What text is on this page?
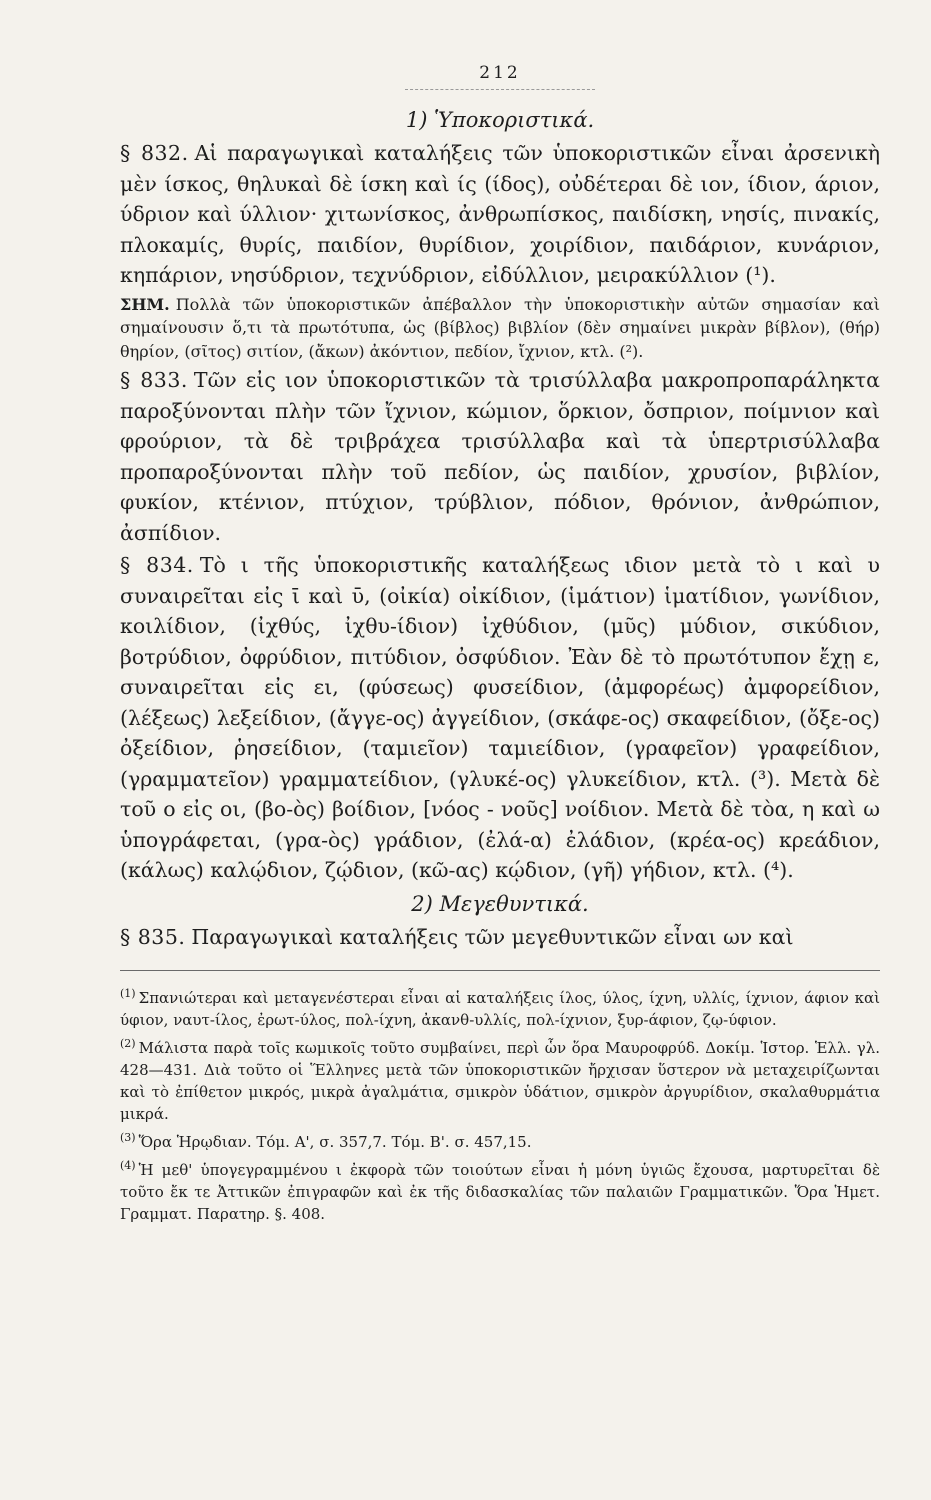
212
1) Ὑποκοριστικά.

§ 832. Αἱ παραγωγικαὶ καταλήξεις τῶν ὑποκοριστικῶν εἶναι ἀρσενικὴ μὲν ίσκος, θηλυκαὶ δὲ ίσκη καὶ ίς (ίδος), οὐδέτεραι δὲ ιον, ίδιον, άριον, ύδριον καὶ ύλλιον· χιτωνίσκος, ἀνθρωπίσκος, παιδίσκη, νησίς, πινακίς, πλοκαμίς, θυρίς, παιδίον, θυρίδιον, χοιρίδιον, παιδάριον, κυνάριον, κηπάριον, νησύδριον, τεχνύδριον, εἰδύλλιον, μειρακύλλιον (¹).

ΣΗΜ. Πολλὰ τῶν ὑποκοριστικῶν ἀπέβαλλον τὴν ὑποκοριστικὴν αὐτῶν σημασίαν καὶ σημαίνουσιν ὅ,τι τὰ πρωτότυπα, ὡς (βίβλος) βιβλίον (δὲν σημαίνει μικρὰν βίβλον), (θήρ) θηρίον, (σῖτος) σιτίον, (ἄκων) ἀκόντιον, πεδίον, ἴχνιον, κτλ. (²).

§ 833. Τῶν εἰς ιον ὑποκοριστικῶν τὰ τρισύλλαβα μακροπροπαράληκτα παροξύνονται πλὴν τῶν ἴχνιον, κώμιον, ὅρκιον, ὄσπριον, ποίμνιον καὶ φρούριον, τὰ δὲ τριβράχεα τρισύλλαβα καὶ τὰ ὑπερτρισύλλαβα προπαροξύνονται πλὴν τοῦ πεδίον, ὡς παιδίον, χρυσίον, βιβλίον, φυκίον, κτένιον, πτύχιον, τρύβλιον, πόδιον, θρόνιον, ἀνθρώπιον, ἀσπίδιον.

§ 834. Τὸ ι τῆς ὑποκοριστικῆς καταλήξεως ιδιον μετὰ τὸ ι καὶ υ συναιρεῖται εἰς ῑ καὶ ῡ, (οἰκία) οἰκίδιον, (ἱμάτιον) ἱματίδιον, γωνίδιον, κοιλίδιον, (ἰχθύς, ἰχθυ-ίδιον) ἰχθύδιον, (μῦς) μύδιον, σικύδιον, βοτρύδιον, ὀφρύδιον, πιτύδιον, ὀσφύδιον. Ἐὰν δὲ τὸ πρωτότυπον ἔχῃ ε, συναιρεῖται εἰς ει, (φύσεως) φυσείδιον, (ἀμφορέως) ἀμφορείδιον, (λέξεως) λεξείδιον, (ἄγγε-ος) ἀγγείδιον, (σκάφε-ος) σκαφείδιον, (ὄξε-ος) ὀξείδιον, ῥησείδιον, (ταμιεῖον) ταμιείδιον, (γραφεῖον) γραφείδιον, (γραμματεῖον) γραμματείδιον, (γλυκέ-ος) γλυκείδιον, κτλ. (³). Μετὰ δὲ τοῦ ο εἰς οι, (βο-ὸς) βοίδιον, [νόος - νοῦς] νοίδιον. Μετὰ δὲ τὸα, η καὶ ω ὑπογράφεται, (γρα-ὸς) γράδιον, (ἐλά-α) ἐλάδιον, (κρέα-ος) κρεάδιον, (κάλως) καλῴδιον, ζῴδιον, (κῶ-ας) κῴδιον, (γῆ) γήδιον, κτλ. (⁴).

2) Μεγεθυντικά.

§ 835. Παραγωγικαὶ καταλήξεις τῶν μεγεθυντικῶν εἶναι ων καὶ

$^{(1)}$ Σπανιώτεραι καὶ μεταγενέστεραι εἶναι αἱ καταλήξεις ίλος, ύλος, ίχνη, υλλίς, ίχνιον, άφιον καὶ ύφιον, ναυτ-ίλος, ἐρωτ-ύλος, πολ-ίχνη, ἀκανθ-υλλίς, πολ-ίχνιον, ξυρ-άφιον, ζῳ-ύφιον.

$^{(2)}$ Μάλιστα παρὰ τοῖς κωμικοῖς τοῦτο συμβαίνει, περὶ ὧν ὅρα Μαυροφρύδ. Δοκίμ. Ἱστορ. Ἑλλ. γλ. 428—431. Διὰ τοῦτο οἱ Ἕλληνες μετὰ τῶν ὑποκοριστικῶν ἤρχισαν ὕστερον νὰ μεταχειρίζωνται καὶ τὸ ἐπίθετον μικρός, μικρὰ ἀγαλμάτια, σμικρὸν ὑδάτιον, σμικρὸν ἀργυρίδιον, σκαλαθυρμάτια μικρά.

$^{(3)}$ Ὅρα Ἡρῳδιαν. Τόμ. Α', σ. 357,7. Τόμ. Β'. σ. 457,15.

$^{(4)}$ Ἡ μεθ' ὑπογεγραμμένου ι ἐκφορὰ τῶν τοιούτων εἶναι ἡ μόνη ὑγιῶς ἔχουσα, μαρτυρεῖται δὲ τοῦτο ἔκ τε Ἀττικῶν ἐπιγραφῶν καὶ ἐκ τῆς διδασκαλίας τῶν παλαιῶν Γραμματικῶν. Ὅρα Ἡμετ. Γραμματ. Παρατηρ. §. 408.
